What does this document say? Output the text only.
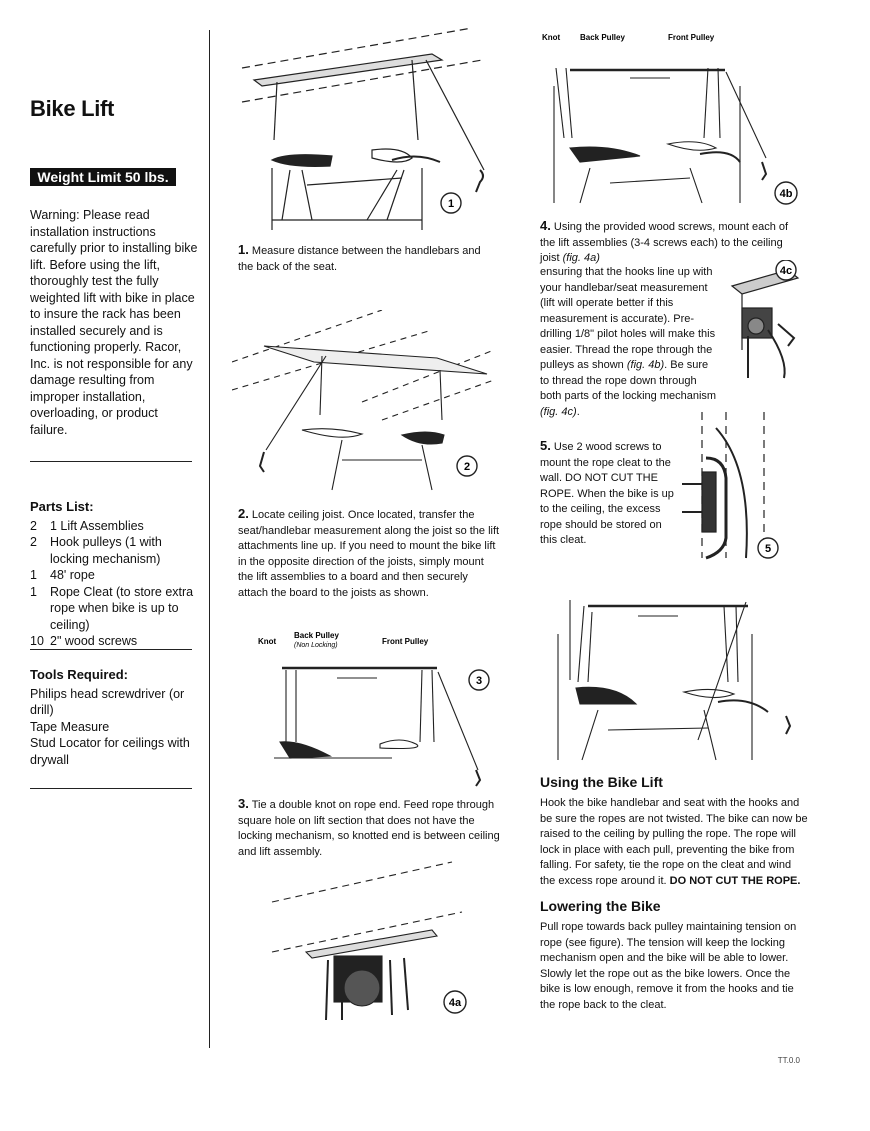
Bike Lift
Weight Limit 50 lbs.
Warning: Please read installation instructions carefully prior to installing bike lift. Before using the lift, thoroughly test the fully weighted lift with bike in place to insure the rack has been installed securely and is functioning properly. Racor, Inc. is not responsible for any damage resulting from improper installation, overloading, or product failure.
Parts List:
2	1 Lift Assemblies
2	Hook pulleys (1 with locking mechanism)
1	48' rope
1	Rope Cleat (to store extra rope when bike is up to ceiling)
10 2" wood screws
Tools Required:
Philips head screwdriver (or drill)
Tape Measure
Stud Locator for ceilings with drywall
1
1. Measure distance between the handlebars and the back of the seat.
2
2. Locate ceiling joist. Once located, transfer the seat/handlebar measurement along the joist so the lift attachments line up. If you need to mount the bike lift in the opposite direction of the joists, simply mount the lift assemblies to a board and then securely attach the board to the joists as shown.
Knot
Back Pulley
(Non Locking)	Front Pulley
3
3. Tie a double knot on rope end. Feed rope through square hole on lift section that does not have the locking mechanism, so knotted end is between ceiling and lift assembly.
4a
Knot Back Pulley	Front Pulley
4b
4. Using the provided wood screws, mount each of the lift assemblies (3-4 screws each) to the ceiling joist (fig. 4a)
ensuring that the hooks line up with your handlebar/seat measurement (lift will operate better if this measurement is accurate). Pre-drilling 1/8" pilot holes will make this easier. Thread the rope through the pulleys as shown (fig. 4b). Be sure to thread the rope down through both parts of the locking mechanism (fig. 4c).
4c
5. Use 2 wood screws to mount the rope cleat to the wall. DO NOT CUT THE ROPE. When the bike is up to the ceiling, the excess rope should be stored on this cleat.
5
Using the Bike Lift
Hook the bike handlebar and seat with the hooks and be sure the ropes are not twisted. The bike can now be raised to the ceiling by pulling the rope. The rope will lock in place with each pull, preventing the bike from falling. For safety, tie the rope on the cleat and wind the excess rope around it. DO NOT CUT THE ROPE.
Lowering the Bike
Pull rope towards back pulley maintaining tension on rope (see figure). The tension will keep the locking mechanism open and the bike will be able to lower. Slowly let the rope out as the bike lowers. Once the bike is low enough, remove it from the hooks and tie the rope back to the cleat.
TT.0.0
